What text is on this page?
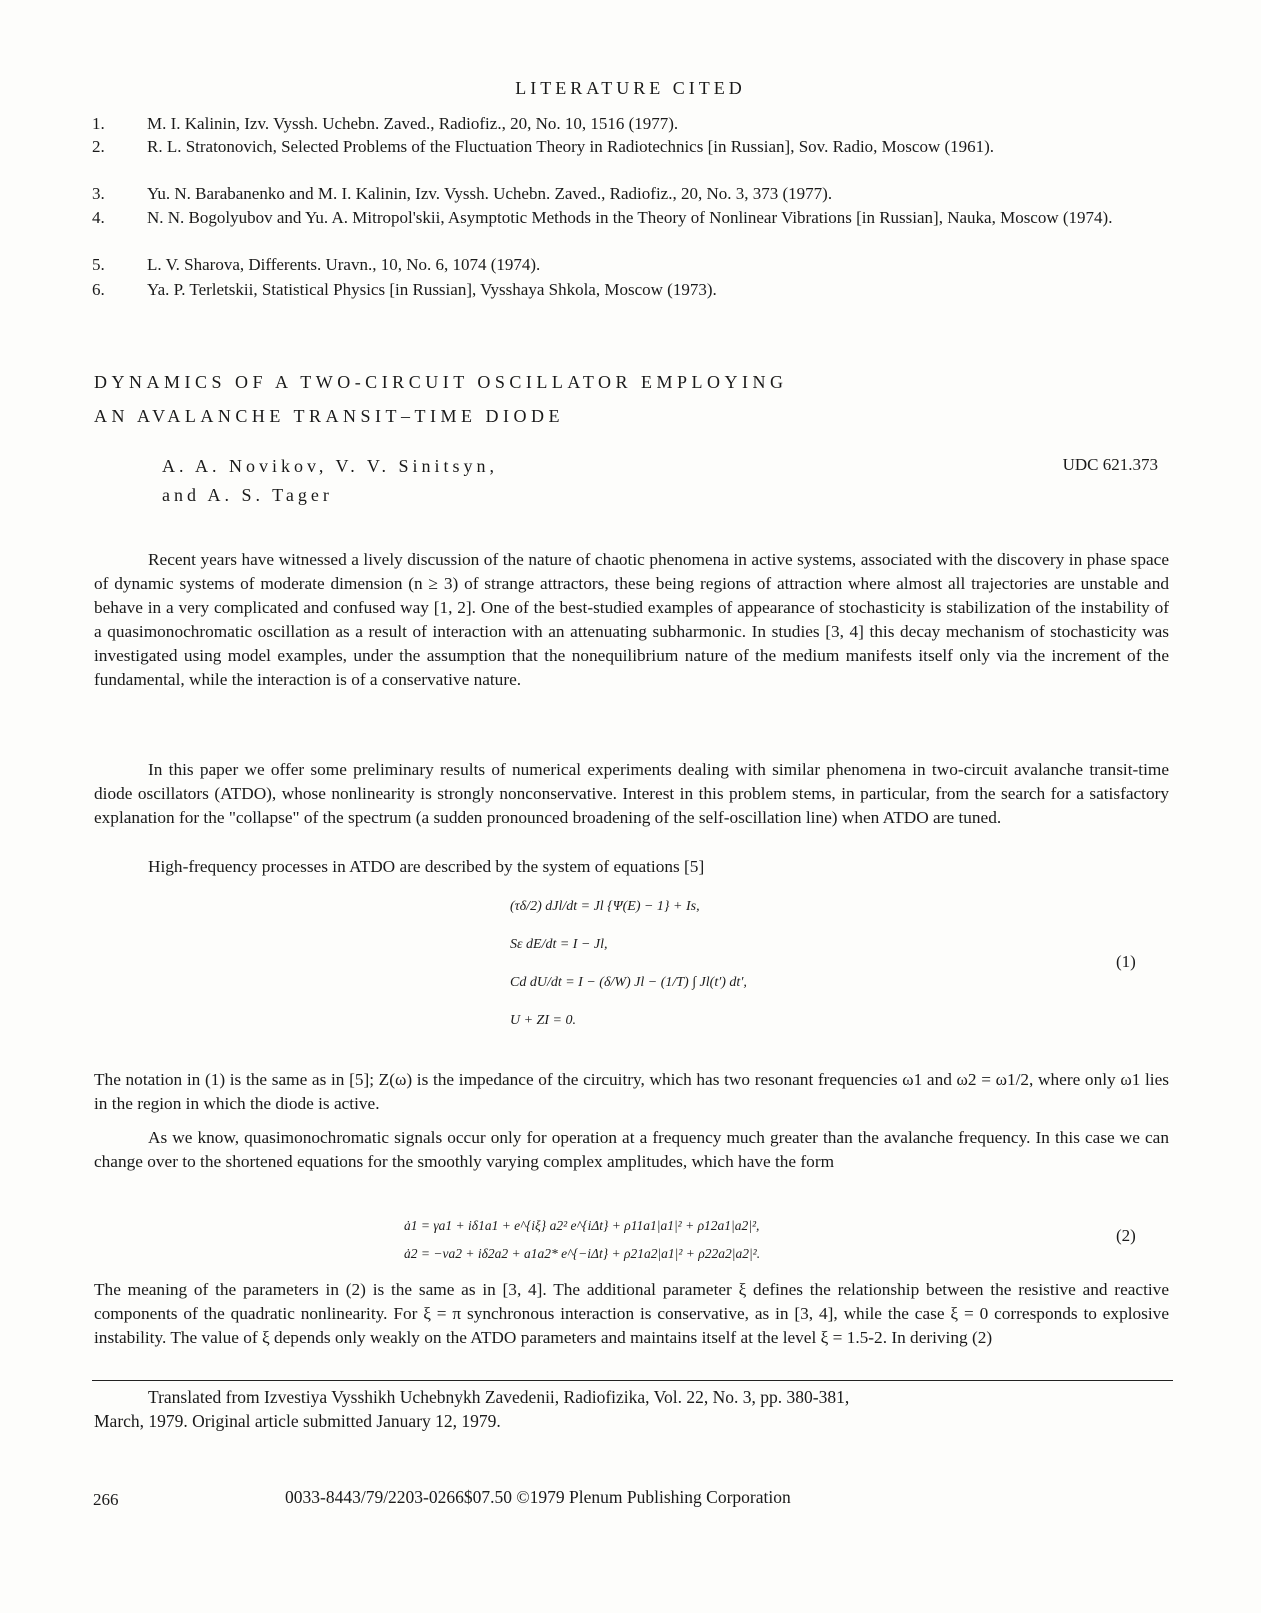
LITERATURE CITED
1.	M. I. Kalinin, Izv. Vyssh. Uchebn. Zaved., Radiofiz., 20, No. 10, 1516 (1977).
2.	R. L. Stratonovich, Selected Problems of the Fluctuation Theory in Radiotechnics [in Russian], Sov. Radio, Moscow (1961).
3.	Yu. N. Barabanenko and M. I. Kalinin, Izv. Vyssh. Uchebn. Zaved., Radiofiz., 20, No. 3, 373 (1977).
4.	N. N. Bogolyubov and Yu. A. Mitropol'skii, Asymptotic Methods in the Theory of Nonlinear Vibrations [in Russian], Nauka, Moscow (1974).
5.	L. V. Sharova, Differents. Uravn., 10, No. 6, 1074 (1974).
6.	Ya. P. Terletskii, Statistical Physics [in Russian], Vysshaya Shkola, Moscow (1973).
DYNAMICS OF A TWO-CIRCUIT OSCILLATOR EMPLOYING
AN AVALANCHE TRANSIT–TIME DIODE
A. A. Novikov, V. V. Sinitsyn,
and A. S. Tager
UDC 621.373

Recent years have witnessed a lively discussion of the nature of chaotic phenomena in active systems, associated with the discovery in phase space of dynamic systems of moderate dimension (n ≥ 3) of strange attractors, these being regions of attraction where almost all trajectories are unstable and behave in a very complicated and confused way [1, 2]. One of the best-studied examples of appearance of stochasticity is stabilization of the instability of a quasimonochromatic oscillation as a result of interaction with an attenuating subharmonic. In studies [3, 4] this decay mechanism of stochasticity was investigated using model examples, under the assumption that the nonequilibrium nature of the medium manifests itself only via the increment of the fundamental, while the interaction is of a conservative nature.

In this paper we offer some preliminary results of numerical experiments dealing with similar phenomena in two-circuit avalanche transit-time diode oscillators (ATDO), whose nonlinearity is strongly nonconservative. Interest in this problem stems, in particular, from the search for a satisfactory explanation for the "collapse" of the spectrum (a sudden pronounced broadening of the self-oscillation line) when ATDO are tuned.

High-frequency processes in ATDO are described by the system of equations [5]

(τδ/2) dJl/dt = Jl {Ψ(E) − 1} + Is,
Sε dE/dt = I − Jl,
Cd dU/dt = I − (δ/W) Jl − (1/T) ∫ Jl(t′) dt′,
U + ZI = 0.
(1)

The notation in (1) is the same as in [5]; Z(ω) is the impedance of the circuitry, which has two resonant frequencies ω1 and ω2 = ω1/2, where only ω1 lies in the region in which the diode is active.

As we know, quasimonochromatic signals occur only for operation at a frequency much greater than the avalanche frequency. In this case we can change over to the shortened equations for the smoothly varying complex amplitudes, which have the form

ȧ1 = γa1 + iδ1a1 + e^{iξ} a2² e^{iΔt} + ρ11a1|a1|² + ρ12a1|a2|²,
ȧ2 = −νa2 + iδ2a2 + a1a2* e^{−iΔt} + ρ21a2|a1|² + ρ22a2|a2|².
(2)

The meaning of the parameters in (2) is the same as in [3, 4]. The additional parameter ξ defines the relationship between the resistive and reactive components of the quadratic nonlinearity. For ξ = π synchronous interaction is conservative, as in [3, 4], while the case ξ = 0 corresponds to explosive instability. The value of ξ depends only weakly on the ATDO parameters and maintains itself at the level ξ = 1.5-2. In deriving (2)

Translated from Izvestiya Vysshikh Uchebnykh Zavedenii, Radiofizika, Vol. 22, No. 3, pp. 380-381,
March, 1979. Original article submitted January 12, 1979.
266	0033-8443/79/2203-0266$07.50 ©1979 Plenum Publishing Corporation
